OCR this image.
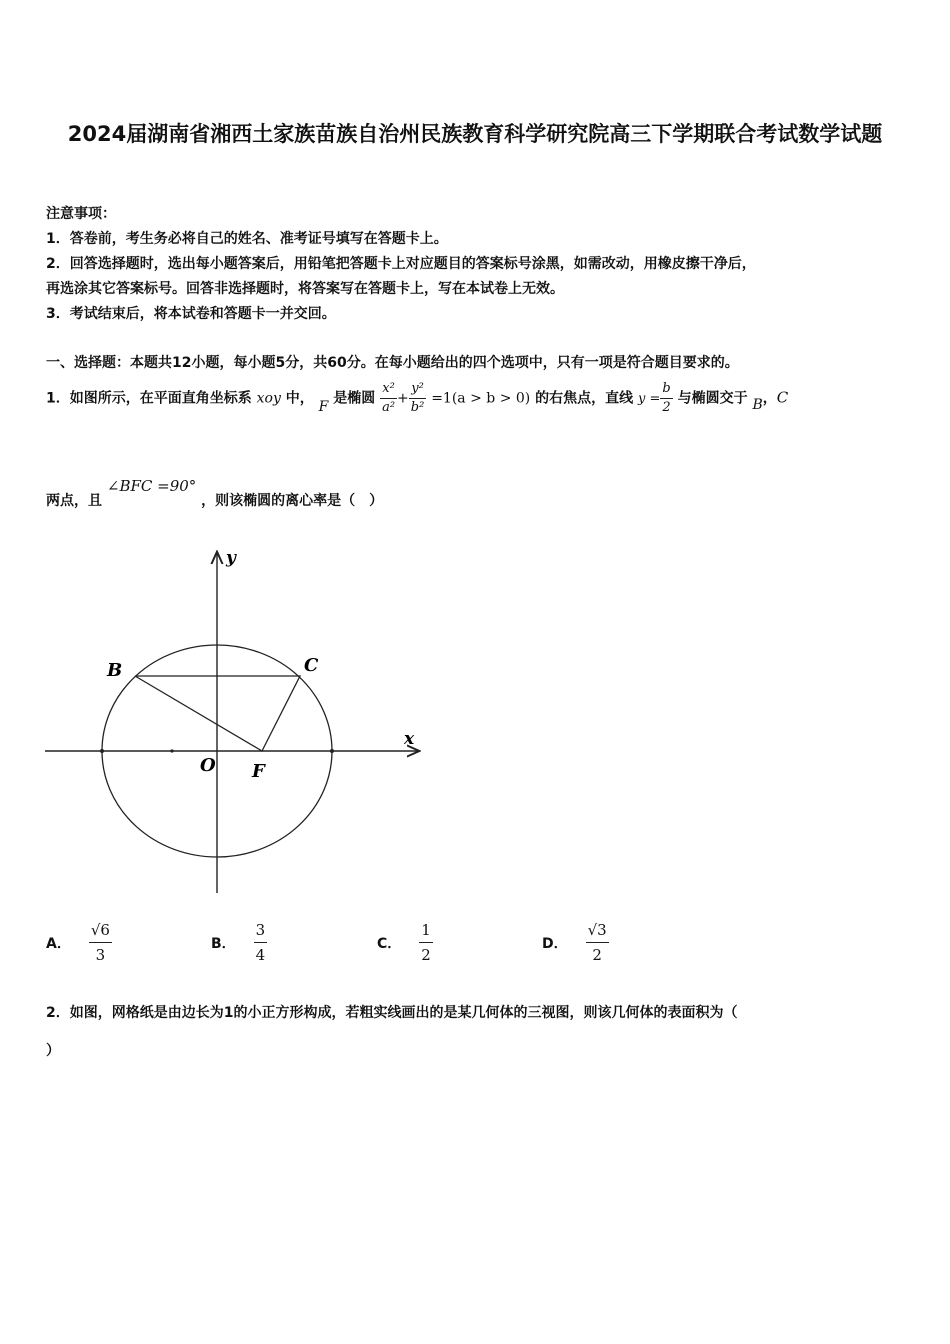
2024届湖南省湘西土家族苗族自治州民族教育科学研究院高三下学期联合考试数学试题
注意事项：
1．答卷前，考生务必将自己的姓名、准考证号填写在答题卡上。
2．回答选择题时，选出每小题答案后，用铅笔把答题卡上对应题目的答案标号涂黑，如需改动，用橡皮擦干净后，
再选涂其它答案标号。回答非选择题时，将答案写在答题卡上，写在本试卷上无效。
3．考试结束后，将本试卷和答题卡一并交回。
一、选择题：本题共12小题，每小题5分，共60分。在每小题给出的四个选项中，只有一项是符合题目要求的。
1．如图所示，在平面直角坐标系 xoy 中， F 是椭圆 $\frac{\text{x²}}{\text{a²}} + \frac{\text{y²}}{\text{b²}} =1(a > b > 0)$ 的右焦点，直线 $y = \frac{b}{2}$ 与椭圆交于 B，C
两点，且 ∠BFC =90° ，则该椭圆的离心率是（　）
y
x
B	C
O F
A． $\frac{√6}{3}$	B． $\frac{3}{4}$	C． $\frac{1}{2}$	D． $\frac{√3}{2}$
2．如图，网格纸是由边长为1的小正方形构成，若粗实线画出的是某几何体的三视图，则该几何体的表面积为（
）
